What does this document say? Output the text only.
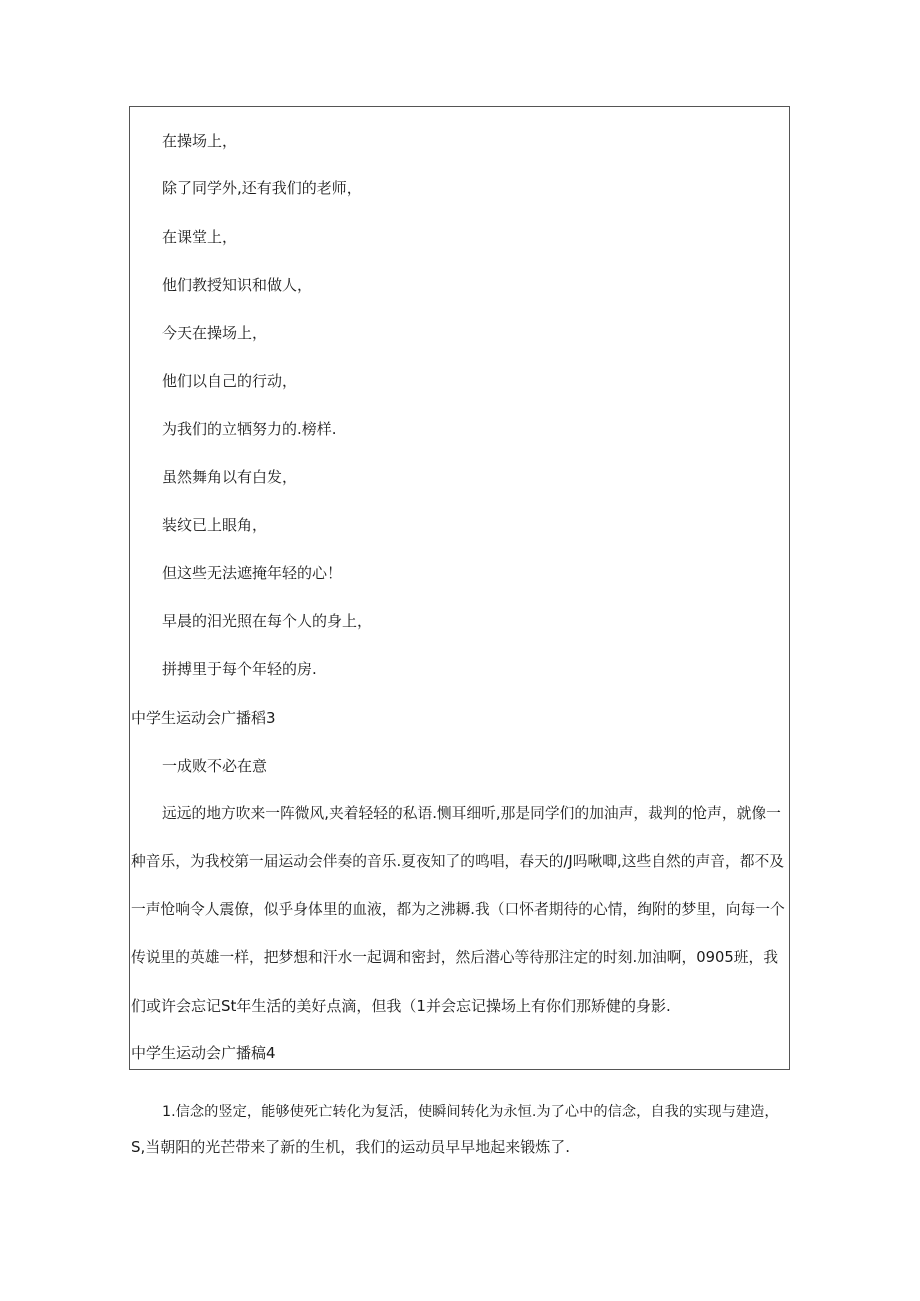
在操场上，
除了同学外,还有我们的老师，
在课堂上，
他们教授知识和做人，
今天在操场上，
他们以自己的行动，
为我们的立牺努力的.榜样.
虽然舞角以有白发，
装纹已上眼角，
但这些无法遮掩年轻的心！
早晨的汨光照在每个人的身上，
拼搏里于每个年轻的房.
中学生运动会广播稻3
一成败不必在意
远远的地方吹来一阵微风,夹着轻轻的私语.恻耳细听,那是同学们的加油声，裁判的怆声，就像一
种音乐，为我校第一届运动会伴奏的音乐.夏夜知了的鸣唱，春天的/J吗啾唧,这些自然的声音，都不及
一声怆响令人震僚，似乎身体里的血液，都为之沸耨.我（口怀者期待的心情，绚附的梦里，向每一个
传说里的英雄一样，把梦想和汗水一起调和密封，然后潜心等待那注定的时刻.加油啊，0905班，我
们或许会忘记St年生活的美好点滴，但我（1并会忘记操场上有你们那矫健的身影.
中学生运动会广播稿4
1.信念的竖定，能够使死亡转化为复活，使瞬间转化为永恒.为了心中的信念，自我的实现与建造，
S,当朝阳的光芒带来了新的生机，我们的运动员早早地起来锻炼了.
